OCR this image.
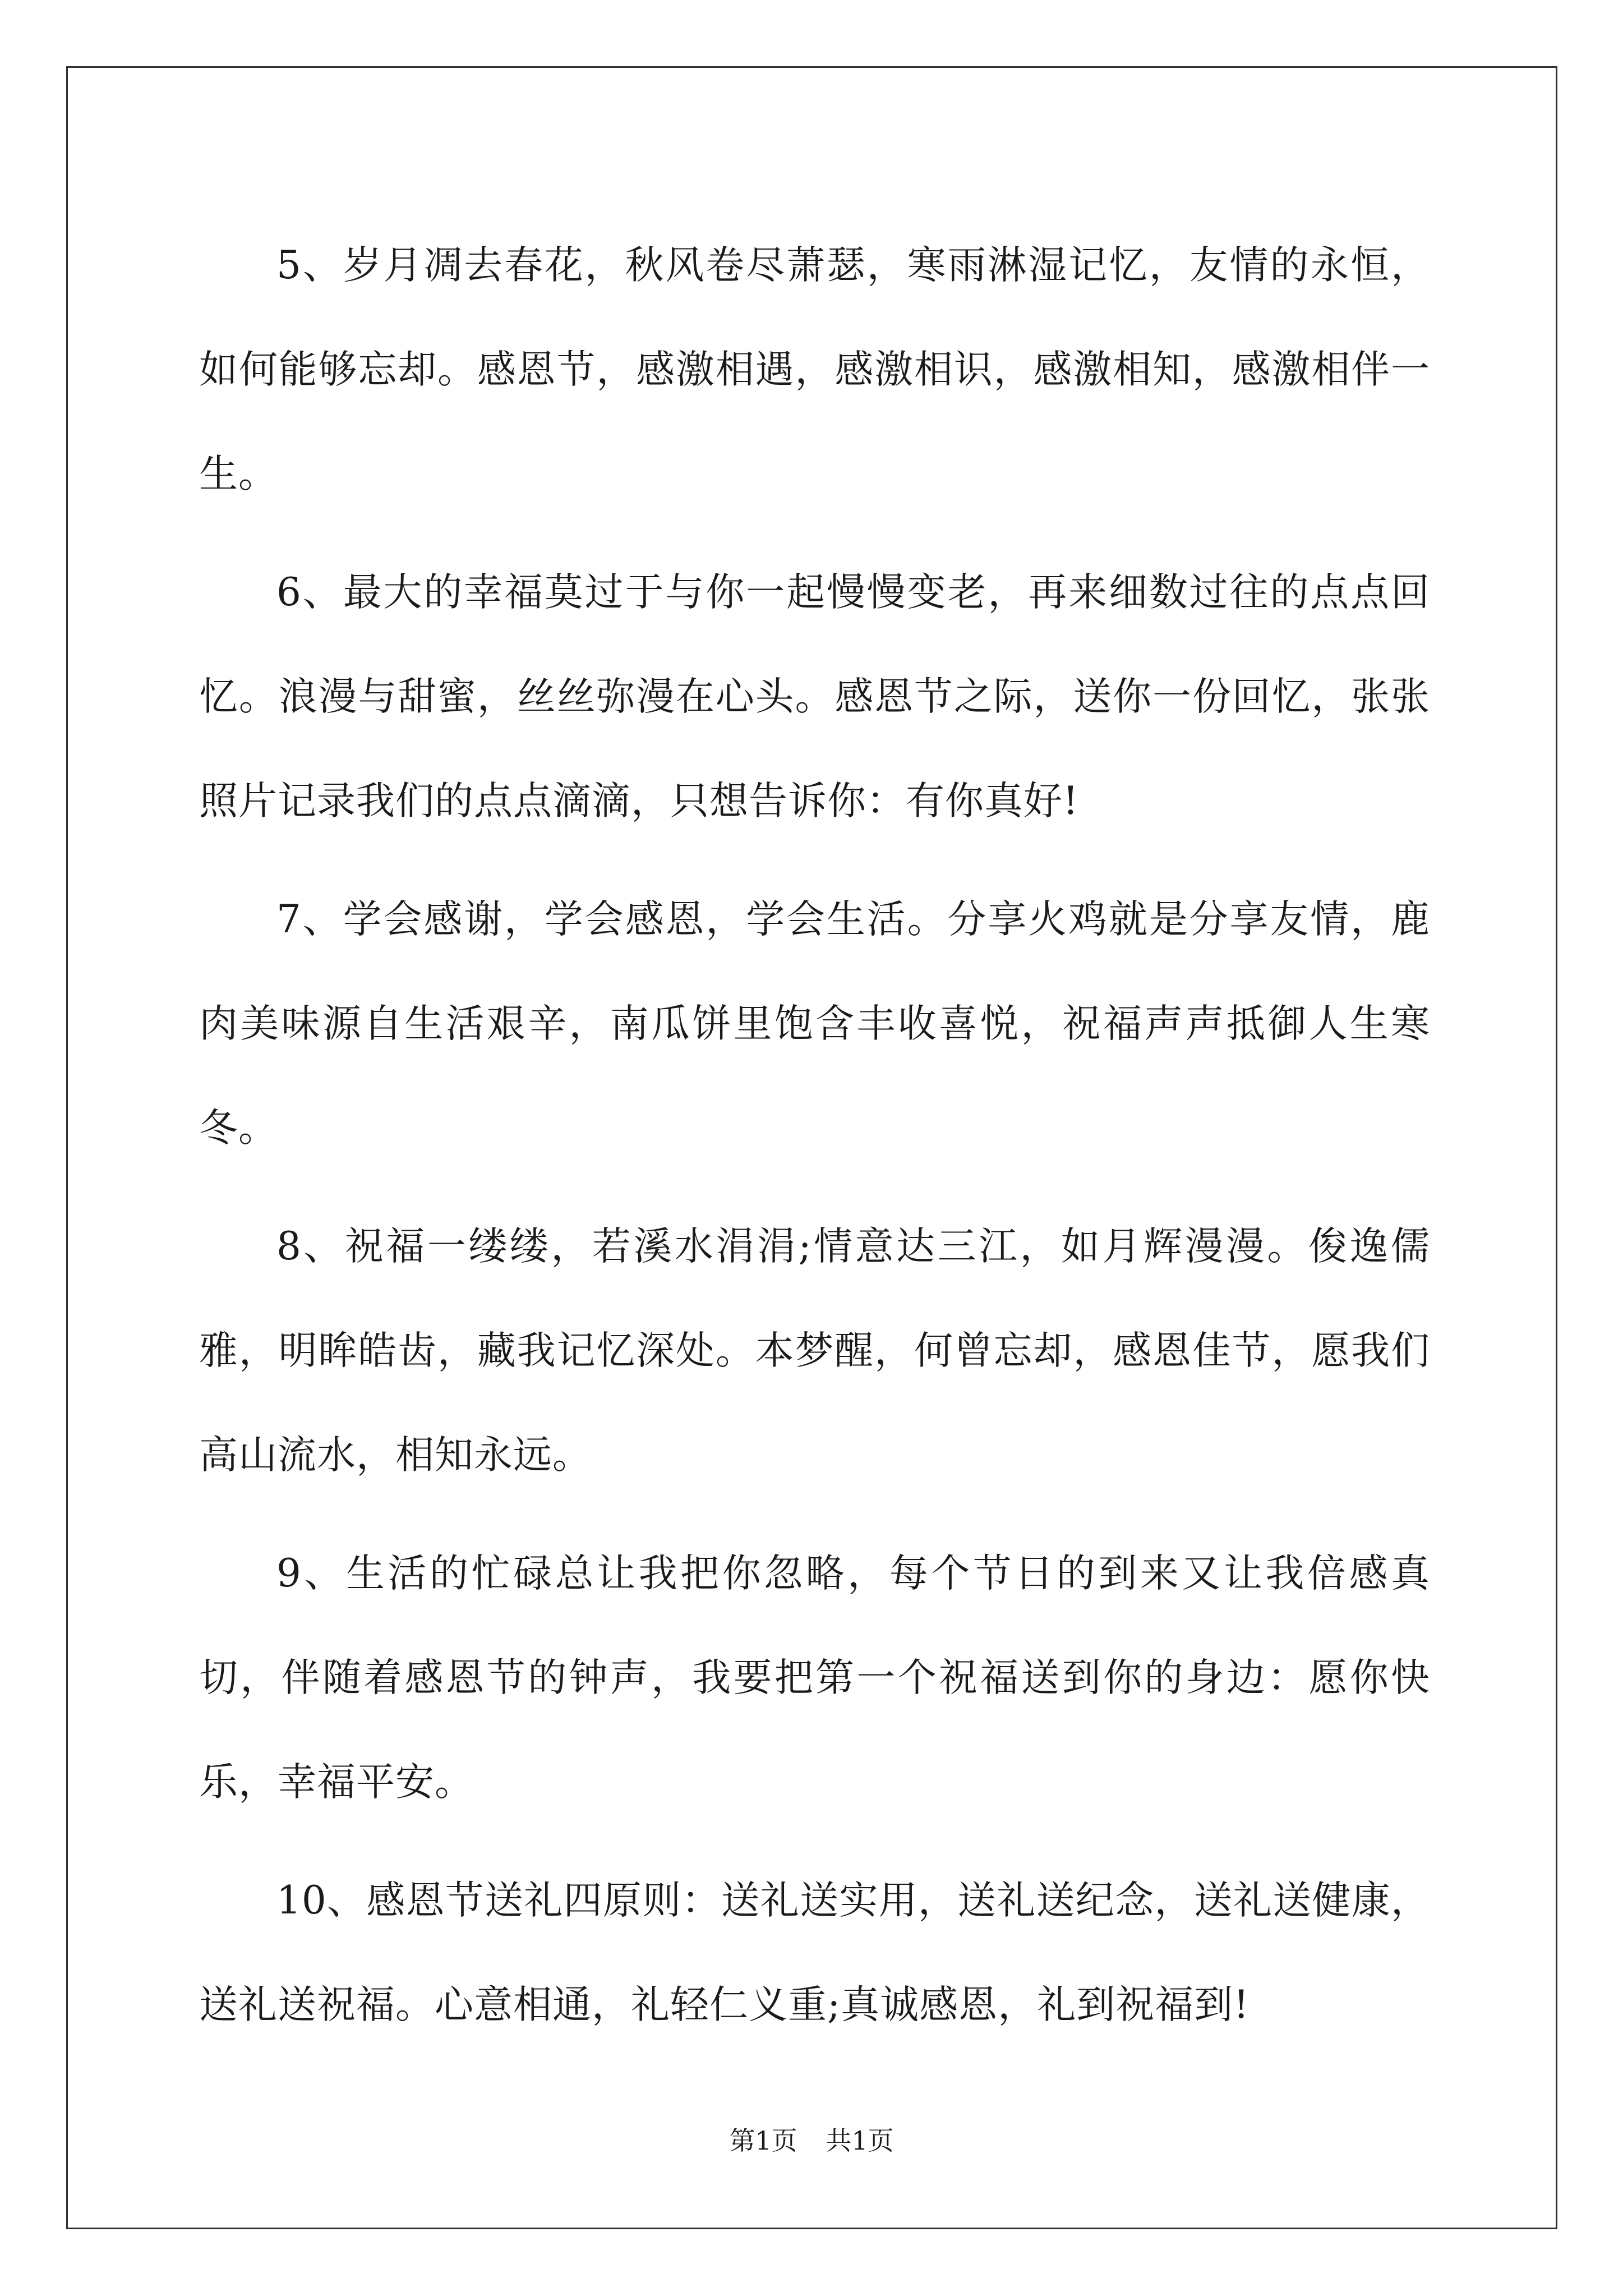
5、岁月凋去春花，秋风卷尽萧瑟，寒雨淋湿记忆，友情的永恒，如何能够忘却。感恩节，感激相遇，感激相识，感激相知，感激相伴一生。

6、最大的幸福莫过于与你一起慢慢变老，再来细数过往的点点回忆。浪漫与甜蜜，丝丝弥漫在心头。感恩节之际，送你一份回忆，张张照片记录我们的点点滴滴，只想告诉你：有你真好!

7、学会感谢，学会感恩，学会生活。分享火鸡就是分享友情，鹿肉美味源自生活艰辛，南瓜饼里饱含丰收喜悦，祝福声声抵御人生寒冬。

8、祝福一缕缕，若溪水涓涓;情意达三江，如月辉漫漫。俊逸儒雅，明眸皓齿，藏我记忆深处。本梦醒，何曾忘却，感恩佳节，愿我们高山流水，相知永远。

9、生活的忙碌总让我把你忽略，每个节日的到来又让我倍感真切，伴随着感恩节的钟声，我要把第一个祝福送到你的身边：愿你快乐，幸福平安。

10、感恩节送礼四原则：送礼送实用，送礼送纪念，送礼送健康，送礼送祝福。心意相通，礼轻仁义重;真诚感恩，礼到祝福到!

第1页 共1页
